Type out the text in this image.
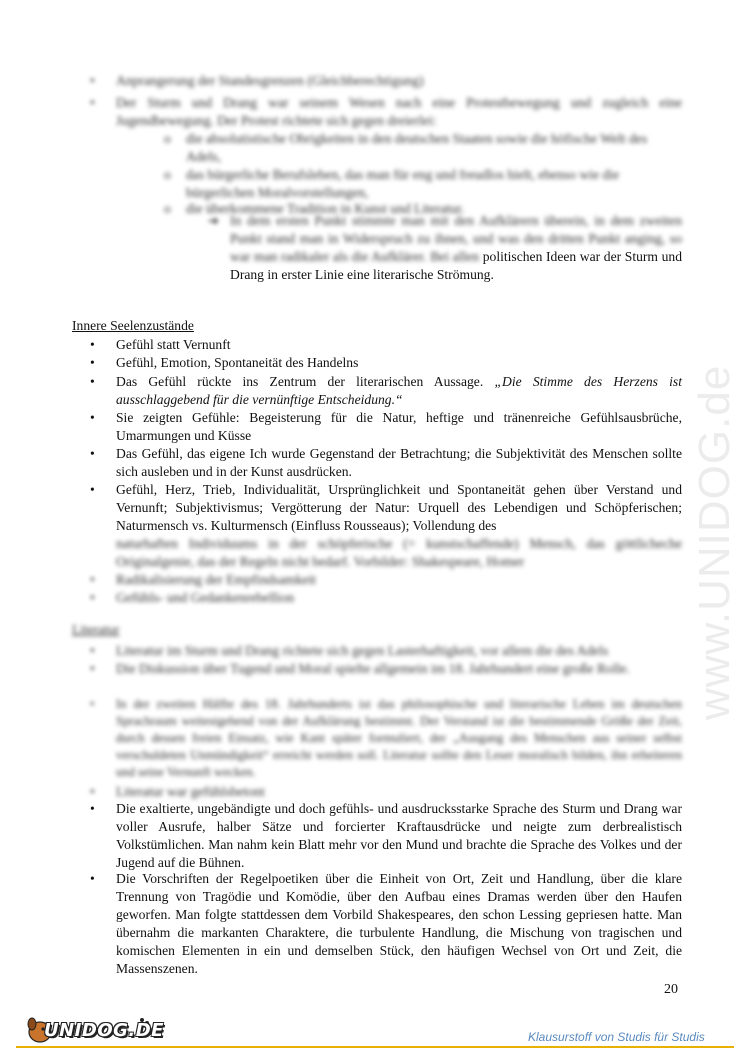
• Anprangerung der Standesgrenzen (Gleichberechtigung)
• Der Sturm und Drang war seinem Wesen nach eine Protestbewegung und zugleich eine Jugendbewegung. Der Protest richtete sich gegen dreierlei:
o die absolutistische Obrigkeiten in den deutschen Staaten sowie die höfische Welt des Adels,
o das bürgerliche Berufsleben, das man für eng und freudlos hielt, ebenso wie die bürgerlichen Moralvorstellungen,
o die überkommene Tradition in Kunst und Literatur.
➔ In dem ersten Punkt stimmte man mit den Aufklärern überein, in dem zweiten Punkt stand man in Widerspruch zu ihnen, und was den dritten Punkt anging, so war man radikaler als die Aufklärer. Bei allen politischen Ideen war der Sturm und Drang in erster Linie eine literarische Strömung.
Innere Seelenzustände
• Gefühl statt Vernunft
• Gefühl, Emotion, Spontaneität des Handelns
• Das Gefühl rückte ins Zentrum der literarischen Aussage. „Die Stimme des Herzens ist ausschlaggebend für die vernünftige Entscheidung.“
• Sie zeigten Gefühle: Begeisterung für die Natur, heftige und tränenreiche Gefühlsausbrüche, Umarmungen und Küsse
• Das Gefühl, das eigene Ich wurde Gegenstand der Betrachtung; die Subjektivität des Menschen sollte sich ausleben und in der Kunst ausdrücken.
• Gefühl, Herz, Trieb, Individualität, Ursprünglichkeit und Spontaneität gehen über Verstand und Vernunft; Subjektivismus; Vergötterung der Natur: Urquell des Lebendigen und Schöpferischen; Naturmensch vs. Kulturmensch (Einfluss Rousseaus); Vollendung des
naturhaften Individuums in der schöpferische (= kunstschaffende) Mensch, das göttlicheche Originalgenie, das der Regeln nicht bedarf. Vorbilder: Shakespeare, Homer
• Radikalisierung der Empfindsamkeit
• Gefühls- und Gedankenrebellion
Literatur
• Literatur im Sturm und Drang richtete sich gegen Lasterhaftigkeit, vor allem die des Adels
• Die Diskussion über Tugend und Moral spielte allgemein im 18. Jahrhundert eine große Rolle.
• In der zweiten Hälfte des 18. Jahrhunderts ist das philosophische und literarische Leben im deutschen Sprachraum weitestgehend von der Aufklärung bestimmt. Der Verstand ist die bestimmende Größe der Zeit, durch dessen freien Einsatz, wie Kant später formuliert, der „Ausgang des Menschen aus seiner selbst verschuldeten Unmündigkeit“ erreicht werden soll. Literatur sollte den Leser moralisch bilden, ihn erheiteren und seine Vernunft wecken.
• Literatur war gefühlsbetont
• Die exaltierte, ungebändigte und doch gefühls- und ausdrucksstarke Sprache des Sturm und Drang war voller Ausrufe, halber Sätze und forcierter Kraftausdrücke und neigte zum derbrealistisch Volkstümlichen. Man nahm kein Blatt mehr vor den Mund und brachte die Sprache des Volkes und der Jugend auf die Bühnen.
• Die Vorschriften der Regelpoetiken über die Einheit von Ort, Zeit und Handlung, über die klare Trennung von Tragödie und Komödie, über den Aufbau eines Dramas werden über den Haufen geworfen. Man folgte stattdessen dem Vorbild Shakespeares, den schon Lessing gepriesen hatte. Man übernahm die markanten Charaktere, die turbulente Handlung, die Mischung von tragischen und komischen Elementen in ein und demselben Stück, den häufigen Wechsel von Ort und Zeit, die Massenszenen.
20
www.UNIDOG.de
UNIDOG.DE	Klausurstoff von Studis für Studis
